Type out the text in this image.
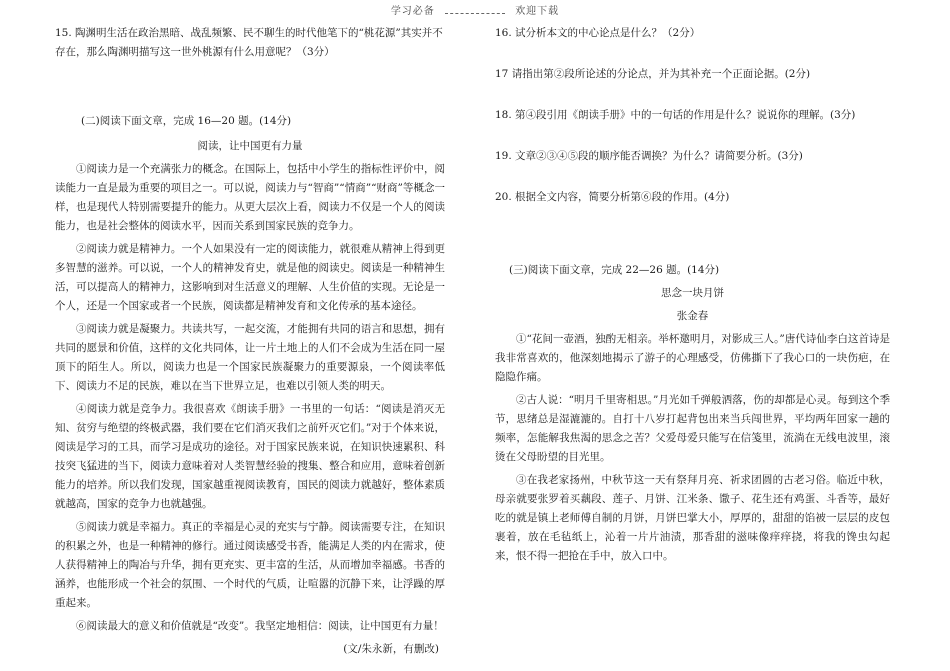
学习必备	欢迎下载

15. 陶渊明生活在政治黑暗、战乱频繁、民不聊生的时代他笔下的“桃花源”其实并不存在，那么陶渊明描写这一世外桃源有什么用意呢？（3分）

(二)阅读下面文章，完成 16—20 题。(14分)

阅读，让中国更有力量

①阅读力是一个充满张力的概念。在国际上，包括中小学生的指标性评价中，阅读能力一直是最为重要的项目之一。可以说，阅读力与“智商”“情商”“财商”等概念一样，也是现代人特别需要提升的能力。从更大层次上看，阅读力不仅是一个人的阅读能力，也是社会整体的阅读水平，因而关系到国家民族的竞争力。

②阅读力就是精神力。一个人如果没有一定的阅读能力，就很难从精神上得到更多智慧的滋养。可以说，一个人的精神发育史，就是他的阅读史。阅读是一种精神生活，可以提高人的精神力，这影响到对生活意义的理解、人生价值的实现。无论是一个人，还是一个国家或者一个民族，阅读都是精神发育和文化传承的基本途径。

③阅读力就是凝聚力。共读共写，一起交流，才能拥有共同的语言和思想，拥有共同的愿景和价值，这样的文化共同体，让一片土地上的人们不会成为生活在同一屋顶下的陌生人。所以，阅读力也是一个国家民族凝聚力的重要源泉，一个阅读率低下、阅读力不足的民族，难以在当下世界立足，也难以引领人类的明天。

④阅读力就是竞争力。我很喜欢《朗读手册》一书里的一句话：“阅读是消灭无知、贫穷与绝望的终极武器，我们要在它们消灭我们之前歼灭它们。”对于个体来说，阅读是学习的工具，而学习是成功的途径。对于国家民族来说，在知识快速累积、科技突飞猛进的当下，阅读力意味着对人类智慧经验的搜集、整合和应用，意味着创新能力的培养。所以我们发现，国家越重视阅读教育，国民的阅读力就越好，整体素质就越高，国家的竞争力也就越强。

⑤阅读力就是幸福力。真正的幸福是心灵的充实与宁静。阅读需要专注，在知识的积累之外，也是一种精神的修行。通过阅读感受书香，能满足人类的内在需求，使人获得精神上的陶冶与升华，拥有更充实、更丰富的生活，从而增加幸福感。书香的涵养，也能形成一个社会的氛围、一个时代的气质，让喧嚣的沉静下来，让浮躁的厚重起来。

⑥阅读最大的意义和价值就是“改变”。我坚定地相信：阅读，让中国更有力量！

(文/朱永新，有删改)

16. 试分析本文的中心论点是什么？（2分）

17 请指出第②段所论述的分论点，并为其补充一个正面论据。(2分)

18. 第④段引用《朗读手册》中的一句话的作用是什么？说说你的理解。(3分)

19. 文章②③④⑤段的顺序能否调换？为什么？请简要分析。(3分)

20. 根据全文内容，简要分析第⑥段的作用。(4分)

(三)阅读下面文章，完成 22—26 题。(14分)

思念一块月饼

张金春

①“花间一壶酒，独酌无相亲。举杯邀明月，对影成三人。”唐代诗仙李白这首诗是我非常喜欢的，他深刻地揭示了游子的心理感受，仿佛撕下了我心口的一块伤疤，在隐隐作痛。

②古人说：“明月千里寄相思。”月光如千弹般洒落，伤的却都是心灵。每到这个季节，思绪总是湿漉漉的。自打十八岁打起背包出来当兵闯世界，平均两年回家一趟的频率，怎能解我焦渴的思念之苦？父爱母爱只能写在信笺里，流淌在无线电波里，滚烫在父母盼望的目光里。

③在我老家扬州，中秋节这一天有祭拜月亮、祈求团圆的古老习俗。临近中秋，母亲就要张罗着买藕段、莲子、月饼、江米条、馓子、花生还有鸡蛋、斗香等，最好吃的就是镇上老师傅自制的月饼，月饼巴掌大小，厚厚的，甜甜的馅被一层层的皮包裹着，放在毛毡纸上，沁着一片片油渍，那香甜的滋味像痒痒挠，将我的馋虫勾起来，恨不得一把抢在手中，放入口中。
